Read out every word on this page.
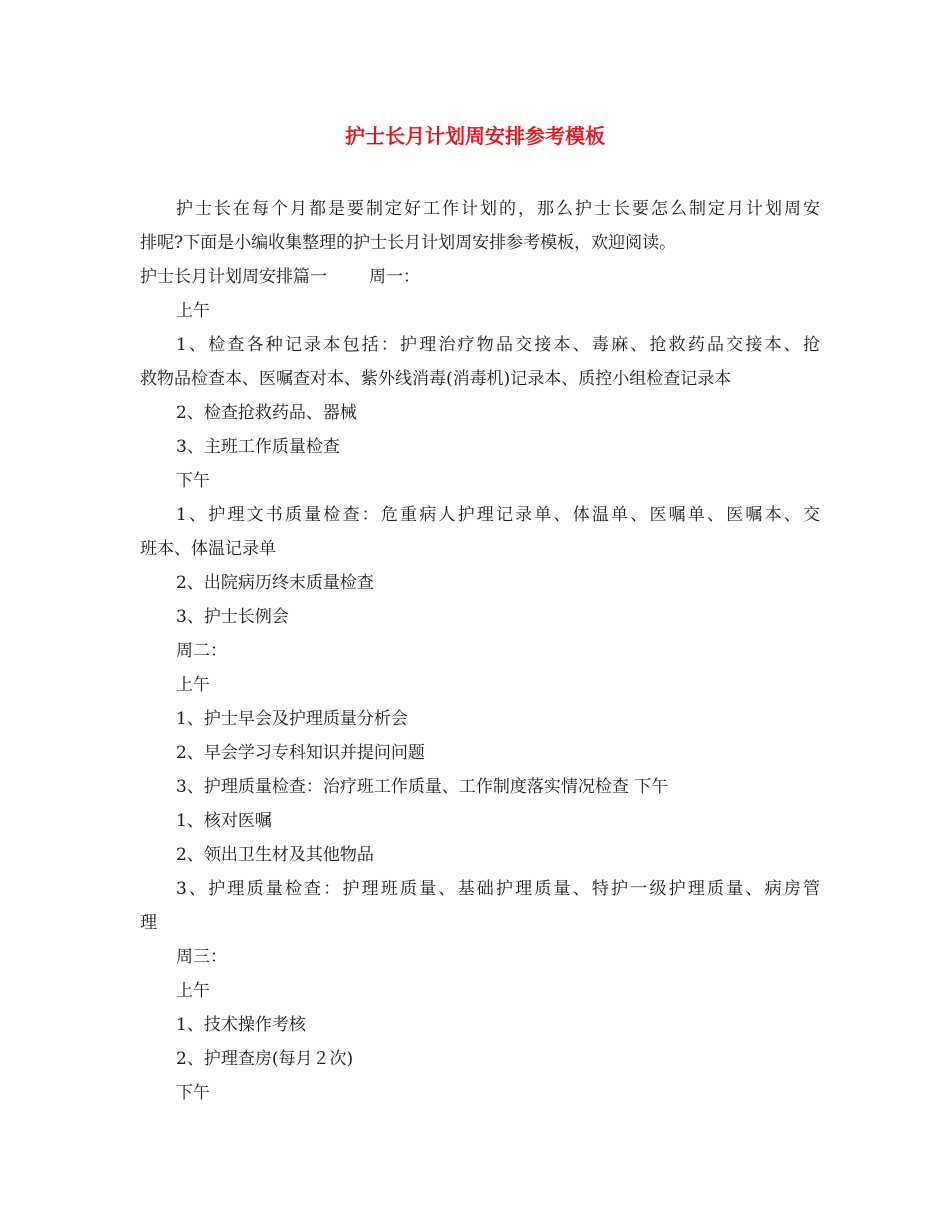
护士长月计划周安排参考模板
护士长在每个月都是要制定好工作计划的，那么护士长要怎么制定月计划周安
排呢?下面是小编收集整理的护士长月计划周安排参考模板，欢迎阅读。
护士长月计划周安排篇一 周一：
上午
1、检查各种记录本包括：护理治疗物品交接本、毒麻、抢救药品交接本、抢
救物品检查本、医嘱查对本、紫外线消毒(消毒机)记录本、质控小组检查记录本
2、检查抢救药品、器械
3、主班工作质量检查
下午
1、护理文书质量检查：危重病人护理记录单、体温单、医嘱单、医嘱本、交
班本、体温记录单
2、出院病历终末质量检查
3、护士长例会
周二：
上午
1、护士早会及护理质量分析会
2、早会学习专科知识并提问问题
3、护理质量检查：治疗班工作质量、工作制度落实情况检查 下午
1、核对医嘱
2、领出卫生材及其他物品
3、护理质量检查：护理班质量、基础护理质量、特护一级护理质量、病房管
理
周三：
上午
1、技术操作考核
2、护理查房(每月２次)
下午
